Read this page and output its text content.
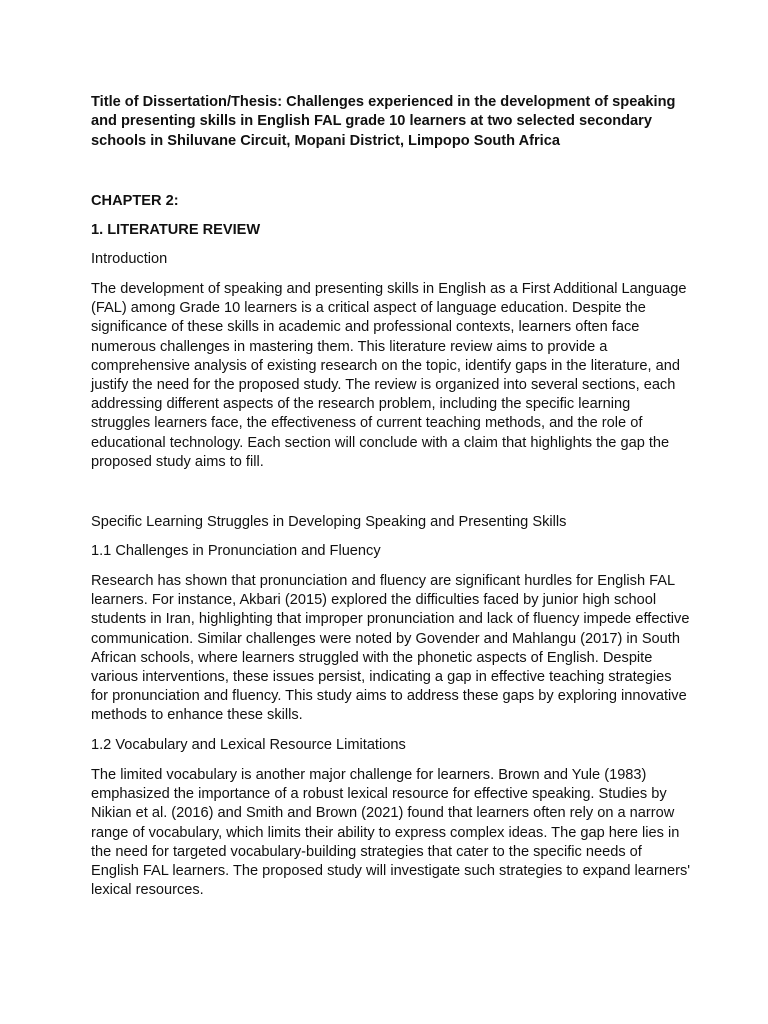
Title of Dissertation/Thesis: Challenges experienced in the development of speaking and presenting skills in English FAL grade 10 learners at two selected secondary schools in Shiluvane Circuit, Mopani District, Limpopo South Africa

CHAPTER 2:

1. LITERATURE REVIEW

Introduction

The development of speaking and presenting skills in English as a First Additional Language (FAL) among Grade 10 learners is a critical aspect of language education. Despite the significance of these skills in academic and professional contexts, learners often face numerous challenges in mastering them. This literature review aims to provide a comprehensive analysis of existing research on the topic, identify gaps in the literature, and justify the need for the proposed study. The review is organized into several sections, each addressing different aspects of the research problem, including the specific learning struggles learners face, the effectiveness of current teaching methods, and the role of educational technology. Each section will conclude with a claim that highlights the gap the proposed study aims to fill.

Specific Learning Struggles in Developing Speaking and Presenting Skills

1.1 Challenges in Pronunciation and Fluency

Research has shown that pronunciation and fluency are significant hurdles for English FAL learners. For instance, Akbari (2015) explored the difficulties faced by junior high school students in Iran, highlighting that improper pronunciation and lack of fluency impede effective communication. Similar challenges were noted by Govender and Mahlangu (2017) in South African schools, where learners struggled with the phonetic aspects of English. Despite various interventions, these issues persist, indicating a gap in effective teaching strategies for pronunciation and fluency. This study aims to address these gaps by exploring innovative methods to enhance these skills.

1.2 Vocabulary and Lexical Resource Limitations

The limited vocabulary is another major challenge for learners. Brown and Yule (1983) emphasized the importance of a robust lexical resource for effective speaking. Studies by Nikian et al. (2016) and Smith and Brown (2021) found that learners often rely on a narrow range of vocabulary, which limits their ability to express complex ideas. The gap here lies in the need for targeted vocabulary-building strategies that cater to the specific needs of English FAL learners. The proposed study will investigate such strategies to expand learners' lexical resources.
